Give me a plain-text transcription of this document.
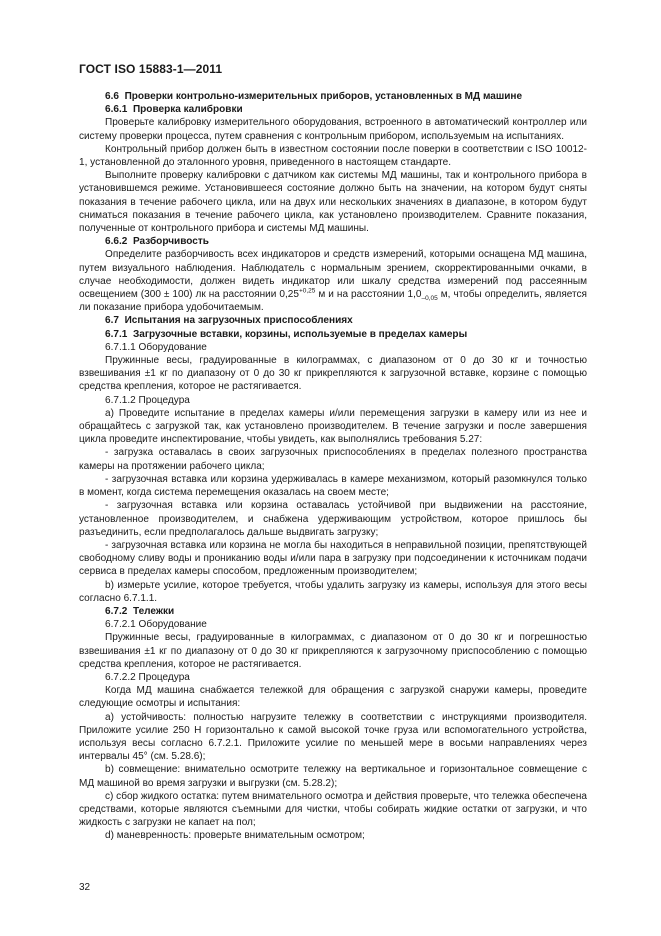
ГОСТ ISO 15883-1—2011

6.6 Проверки контрольно-измерительных приборов, установленных в МД машине

6.6.1 Проверка калибровки

Проверьте калибровку измерительного оборудования, встроенного в автоматический контроллер или систему проверки процесса, путем сравнения с контрольным прибором, используемым на испытаниях.

Контрольный прибор должен быть в известном состоянии после поверки в соответствии с ISO 10012-1, установленной до эталонного уровня, приведенного в настоящем стандарте.

Выполните проверку калибровки с датчиком как системы МД машины, так и контрольного прибора в установившемся режиме. Установившееся состояние должно быть на значении, на котором будут сняты показания в течение рабочего цикла, или на двух или нескольких значениях в диапазоне, в котором будут сниматься показания в течение рабочего цикла, как установлено производителем. Сравните показания, полученные от контрольного прибора и системы МД машины.

6.6.2 Разборчивость

Определите разборчивость всех индикаторов и средств измерений, которыми оснащена МД машина, путем визуального наблюдения. Наблюдатель с нормальным зрением, скорректированными очками, в случае необходимости, должен видеть индикатор или шкалу средства измерений под рассеянным освещением (300 ± 100) лк на расстоянии $0,25^{+0,25}$ м и на расстоянии $1,0_{-0,05}$ м, чтобы определить, является ли показание прибора удобочитаемым.

6.7 Испытания на загрузочных приспособлениях

6.7.1 Загрузочные вставки, корзины, используемые в пределах камеры

6.7.1.1 Оборудование

Пружинные весы, градуированные в килограммах, с диапазоном от 0 до 30 кг и точностью взвешивания ±1 кг по диапазону от 0 до 30 кг прикрепляются к загрузочной вставке, корзине с помощью средства крепления, которое не растягивается.

6.7.1.2 Процедура

a) Проведите испытание в пределах камеры и/или перемещения загрузки в камеру или из нее и обращайтесь с загрузкой так, как установлено производителем. В течение загрузки и после завершения цикла проведите инспектирование, чтобы увидеть, как выполнялись требования 5.27:

- загрузка оставалась в своих загрузочных приспособлениях в пределах полезного пространства камеры на протяжении рабочего цикла;

- загрузочная вставка или корзина удерживалась в камере механизмом, который разомкнулся только в момент, когда система перемещения оказалась на своем месте;

- загрузочная вставка или корзина оставалась устойчивой при выдвижении на расстояние, установленное производителем, и снабжена удерживающим устройством, которое пришлось бы разъединить, если предполагалось дальше выдвигать загрузку;

- загрузочная вставка или корзина не могла бы находиться в неправильной позиции, препятствующей свободному сливу воды и прониканию воды и/или пара в загрузку при подсоединении к источникам подачи сервиса в пределах камеры способом, предложенным производителем;

b) измерьте усилие, которое требуется, чтобы удалить загрузку из камеры, используя для этого весы согласно 6.7.1.1.

6.7.2 Тележки

6.7.2.1 Оборудование

Пружинные весы, градуированные в килограммах, с диапазоном от 0 до 30 кг и погрешностью взвешивания ±1 кг по диапазону от 0 до 30 кг прикрепляются к загрузочному приспособлению с помощью средства крепления, которое не растягивается.

6.7.2.2 Процедура

Когда МД машина снабжается тележкой для обращения с загрузкой снаружи камеры, проведите следующие осмотры и испытания:

a) устойчивость: полностью нагрузите тележку в соответствии с инструкциями производителя. Приложите усилие 250 Н горизонтально к самой высокой точке груза или вспомогательного устройства, используя весы согласно 6.7.2.1. Приложите усилие по меньшей мере в восьми направлениях через интервалы 45° (см. 5.28.6);

b) совмещение: внимательно осмотрите тележку на вертикальное и горизонтальное совмещение с МД машиной во время загрузки и выгрузки (см. 5.28.2);

c) сбор жидкого остатка: путем внимательного осмотра и действия проверьте, что тележка обеспечена средствами, которые являются съемными для чистки, чтобы собирать жидкие остатки от загрузки, и что жидкость с загрузки не капает на пол;

d) маневренность: проверьте внимательным осмотром;

32
